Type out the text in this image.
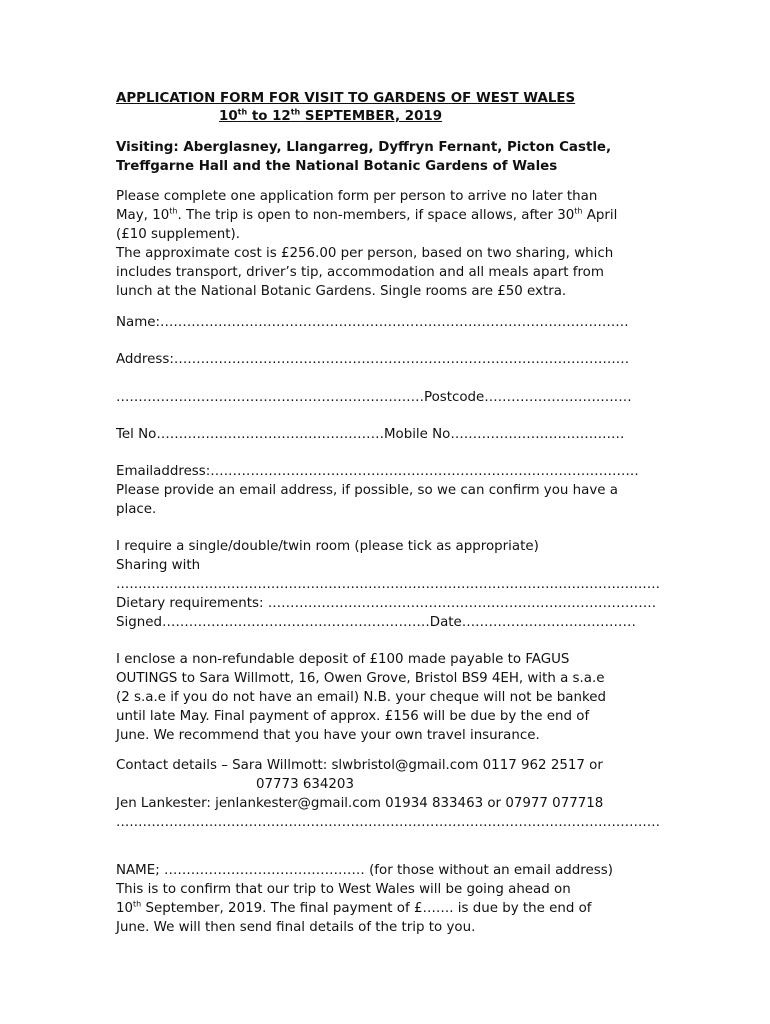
APPLICATION FORM FOR VISIT TO GARDENS OF WEST WALES
10th to 12th SEPTEMBER, 2019
Visiting: Aberglasney, Llangarreg, Dyffryn Fernant, Picton Castle,
Treffgarne Hall and the National Botanic Gardens of Wales
Please complete one application form per person to arrive no later than
May, 10th. The trip is open to non-members, if space allows, after 30th April
(£10 supplement).
The approximate cost is £256.00 per person, based on two sharing, which
includes transport, driver’s tip, accommodation and all meals apart from
lunch at the National Botanic Gardens. Single rooms are £50 extra.
Name:……………………………………………………………………………………………
Address:…………………………………………………………………………………………
……………………………………………………………Postcode……………………………
Tel No……………………………………………Mobile No…………………………………
Emailaddress:……………………………………………………………………………………
Please provide an email address, if possible, so we can confirm you have a
place.
I require a single/double/twin room (please tick as appropriate)
Sharing with
……………………………………………………………………………………………………………
Dietary requirements: ……………………………………………………………………………
Signed……………………………………………………Date…………………………………
I enclose a non-refundable deposit of £100 made payable to FAGUS
OUTINGS to Sara Willmott, 16, Owen Grove, Bristol BS9 4EH, with a s.a.e
(2 s.a.e if you do not have an email) N.B. your cheque will not be banked
until late May. Final payment of approx. £156 will be due by the end of
June. We recommend that you have your own travel insurance.
Contact details – Sara Willmott: slwbristol@gmail.com 0117 962 2517 or
07773 634203
Jen Lankester: jenlankester@gmail.com 01934 833463 or 07977 077718
……………………………………………………………………………………………………………
NAME; ……………………………………… (for those without an email address)
This is to confirm that our trip to West Wales will be going ahead on
10th September, 2019. The final payment of £……. is due by the end of
June. We will then send final details of the trip to you.
